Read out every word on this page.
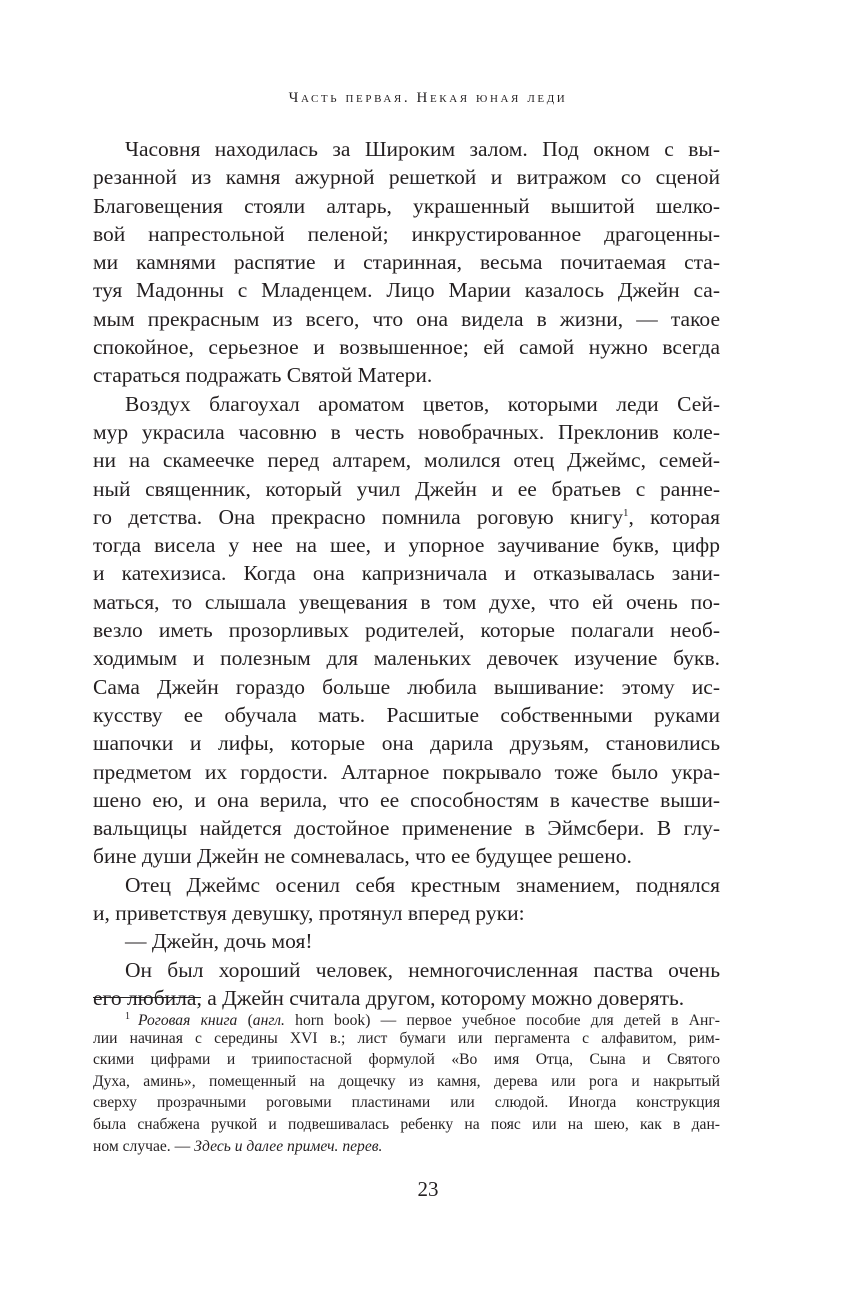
Часть первая. Некая юная леди
Часовня находилась за Широким залом. Под окном с вы-
резанной из камня ажурной решеткой и витражом со сценой
Благовещения стояли алтарь, украшенный вышитой шелко-
вой напрестольной пеленой; инкрустированное драгоценны-
ми камнями распятие и старинная, весьма почитаемая ста-
туя Мадонны с Младенцем. Лицо Марии казалось Джейн са-
мым прекрасным из всего, что она видела в жизни, — такое
спокойное, серьезное и возвышенное; ей самой нужно всегда
стараться подражать Святой Матери.
Воздух благоухал ароматом цветов, которыми леди Сей-
мур украсила часовню в честь новобрачных. Преклонив коле-
ни на скамеечке перед алтарем, молился отец Джеймс, семей-
ный священник, который учил Джейн и ее братьев с ранне-
го детства. Она прекрасно помнила роговую книгу$^1$, которая
тогда висела у нее на шее, и упорное заучивание букв, цифр
и катехизиса. Когда она капризничала и отказывалась зани-
маться, то слышала увещевания в том духе, что ей очень по-
везло иметь прозорливых родителей, которые полагали необ-
ходимым и полезным для маленьких девочек изучение букв.
Сама Джейн гораздо больше любила вышивание: этому ис-
кусству ее обучала мать. Расшитые собственными руками
шапочки и лифы, которые она дарила друзьям, становились
предметом их гордости. Алтарное покрывало тоже было укра-
шено ею, и она верила, что ее способностям в качестве выши-
вальщицы найдется достойное применение в Эймсбери. В глу-
бине души Джейн не сомневалась, что ее будущее решено.
Отец Джеймс осенил себя крестным знамением, поднялся
и, приветствуя девушку, протянул вперед руки:
— Джейн, дочь моя!
Он был хороший человек, немногочисленная паства очень
его любила, а Джейн считала другом, которому можно доверять.
$^1$ Роговая книга (англ. horn book) — первое учебное пособие для детей в Анг-
лии начиная с середины XVI в.; лист бумаги или пергамента с алфавитом, рим-
скими цифрами и триипостасной формулой «Во имя Отца, Сына и Святого
Духа, аминь», помещенный на дощечку из камня, дерева или рога и накрытый
сверху прозрачными роговыми пластинами или слюдой. Иногда конструкция
была снабжена ручкой и подвешивалась ребенку на пояс или на шею, как в дан-
ном случае. — Здесь и далее примеч. перев.
23
